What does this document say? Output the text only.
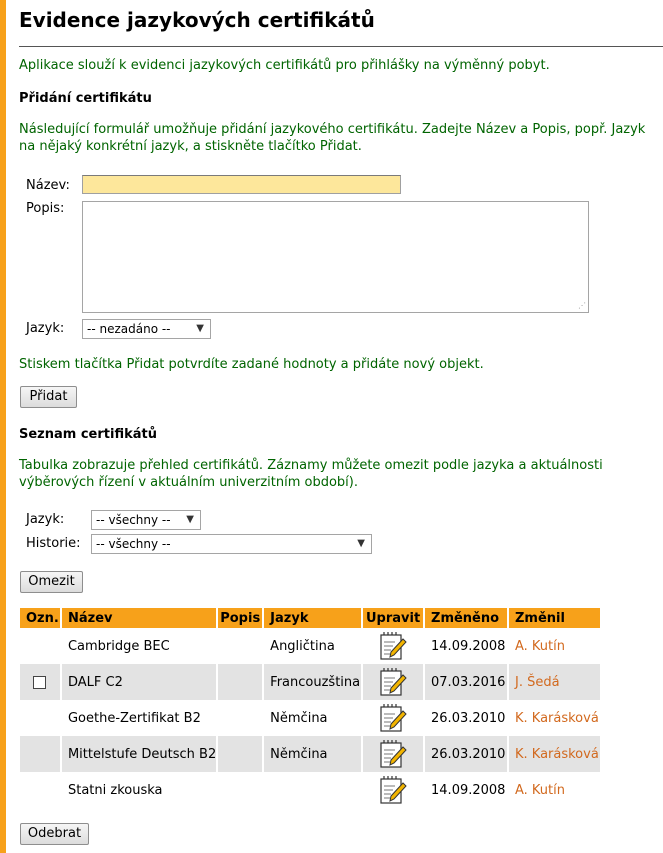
Evidence jazykových certifikátů
Aplikace slouží k evidenci jazykových certifikátů pro přihlášky na výměnný pobyt.
Přidání certifikátu
Následující formulář umožňuje přidání jazykového certifikátu. Zadejte Název a Popis, popř. Jazyk
na nějaký konkrétní jazyk, a stiskněte tlačítko Přidat.
Název:
Popis:
⋰
Jazyk:	-- nezadáno --	▼
Stiskem tlačítka Přidat potvrdíte zadané hodnoty a přidáte nový objekt.
Přidat
Seznam certifikátů
Tabulka zobrazuje přehled certifikátů. Záznamy můžete omezit podle jazyka a aktuálnosti
výběrových řízení v aktuálním univerzitním období).
Jazyk:	-- všechny -- ▼
Historie:	-- všechny --	▼
Omezit
Ozn.	Název	Popis	Jazyk	Upravit	Změněno	Změnil
	Cambridge BEC		Angličtina		14.09.2008	A. Kutín
	DALF C2		Francouzština		07.03.2016	J. Šedá
	Goethe-Zertifikat B2		Němčina		26.03.2010	K. Karásková
	Mittelstufe Deutsch B2		Němčina		26.03.2010	K. Karásková
	Statni zkouska				14.09.2008	A. Kutín
Odebrat
